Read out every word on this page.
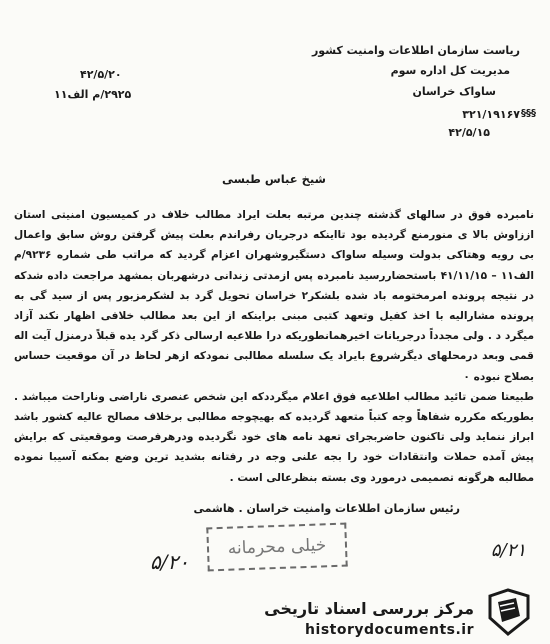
ریاست سازمان اطلاعات وامنیت کشور
مدیریت کل اداره سوم
ساواک خراسان
۳۲۱/۱۹۱۶۷
۴۲/۵/۱۵
§§§
۴۲/۵/۲۰
۲۹۲۵/م الف۱۱
شیخ عباس طبسی

نامبرده فوق در سالهای گذشته چندین مرتبه بعلت ایراد مطالب خلاف در کمیسیون امنیتی استان اززاوش بالا ی منورمنع گردیده بود تااینکه درجریان رفراندم بعلت پیش گرفتن روش سابق واعمال بی رویه وهتاکی بدولت وسیله ساواک دستگیروشهران اعزام گردید که مراتب طی شماره ۹۲۳۶/م الف۱۱ – ۴۱/۱۱/۱۵ باستحضاررسید نامبرده پس ازمدتی زندانی درشهربان بمشهد مراجعت داده شدکه در نتیجه پرونده امرمختومه باد شده بلشکر۲ خراسان تحویل گرد بد لشکرمزبور پس از سید گی به پرونده مشارالیه با اخذ کفیل وتعهد کتبی مبنی براینکه از این بعد مطالب خلافی اظهار نکند آزاد میگرد د . ولی مجدداً درجریانات اخیرهمانطوریکه درا طلاعیه ارسالی ذکر گرد یده قبلاً درمنزل آیت اله قمی وبعد درمحلهای دیگرشروع بایراد یک سلسله مطالبی نمودکه ازهر لحاظ در آن موقعیت حساس بصلاح نبوده ۰

طبیعتا ضمن تائید مطالب اطلاعیه فوق اعلام میگرددکه این شخص عنصری ناراضی وناراحت میباشد . بطوریکه مکرره شفاهاً وجه کتباً متعهد گردیده که بهیچوجه مطالبی برخلاف مصالح عالیه کشور باشد ابراز ننماید ولی تاکنون حاضربجرای تعهد نامه های خود نگردیده ودرهرفرصت وموقعیتی که برایش پیش آمده حملات وانتقادات خود را بجه علنی وجه در رفتانه بشدید ترین وضع بمکنه آسیبا نموده مطالبه هرگونه تصمیمی درمورد وی بسته بنظرعالی است .

رئیس سازمان اطلاعات وامنیت خراسان . هاشمی
خیلی محرمانه	۵/۲۱
۵/۲۰
مرکز بررسی اسناد تاریخی
historydocuments.ir
